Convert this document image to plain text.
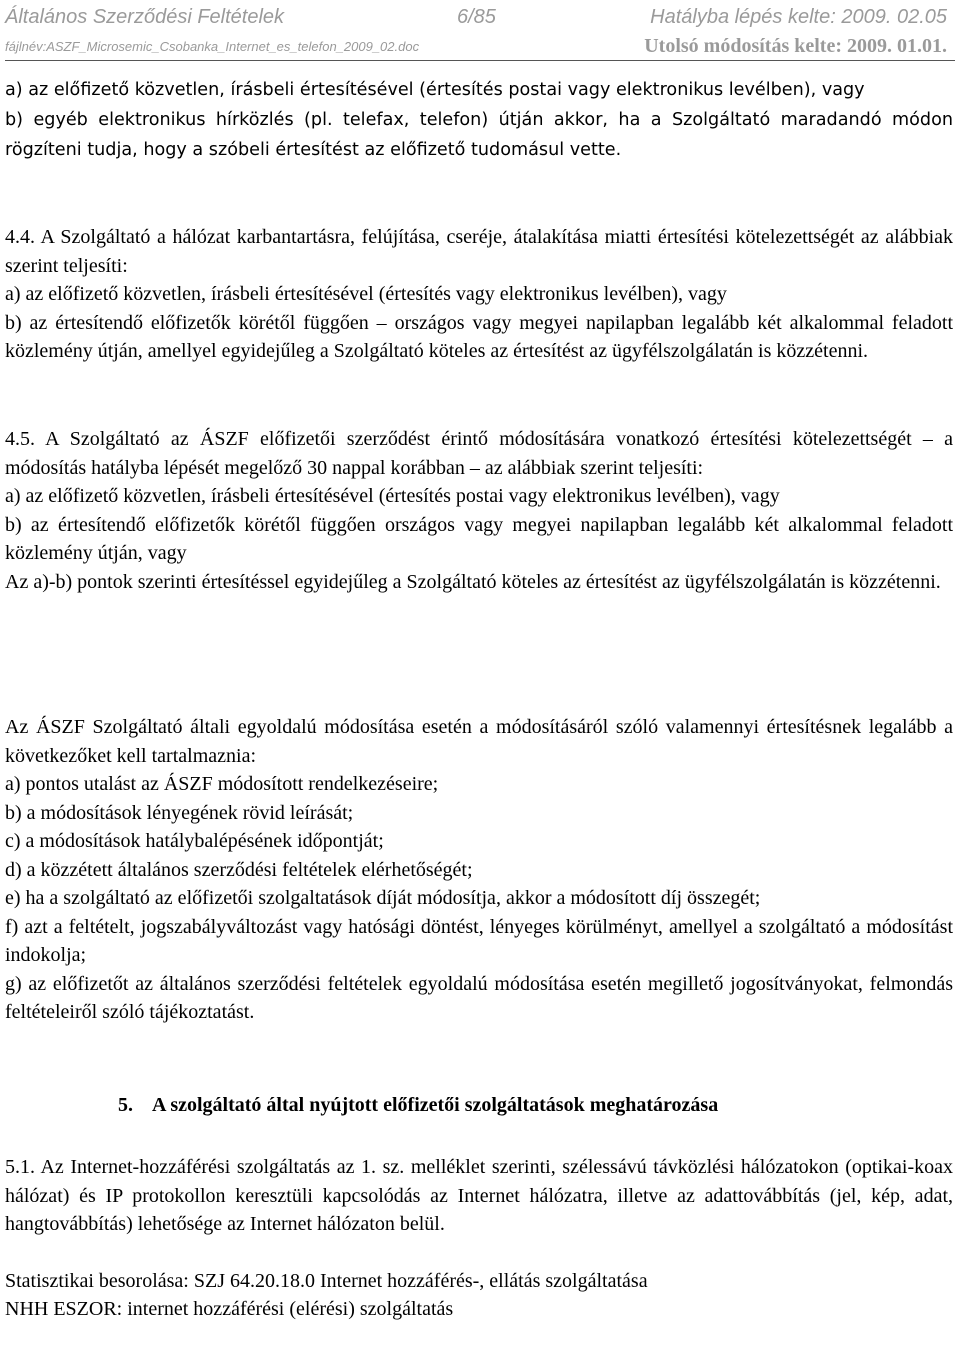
Általános Szerződési Feltételek	6/85	Hatályba lépés kelte: 2009. 02.05
fájlnév:ASZF_Microsemic_Csobanka_Internet_es_telefon_2009_02.doc	Utolsó módosítás kelte: 2009. 01.01.

a) az előfizető közvetlen, írásbeli értesítésével (értesítés postai vagy elektronikus levélben), vagy

b) egyéb elektronikus hírközlés (pl. telefax, telefon) útján akkor, ha a Szolgáltató maradandó módon rögzíteni tudja, hogy a szóbeli értesítést az előfizető tudomásul vette.

4.4. A Szolgáltató a hálózat karbantartásra, felújítása, cseréje, átalakítása miatti értesítési kötelezettségét az alábbiak szerint teljesíti:

a) az előfizető közvetlen, írásbeli értesítésével (értesítés vagy elektronikus levélben), vagy

b) az értesítendő előfizetők körétől függően – országos vagy megyei napilapban legalább két alkalommal feladott közlemény útján, amellyel egyidejűleg a Szolgáltató köteles az értesítést az ügyfélszolgálatán is közzétenni.

4.5. A Szolgáltató az ÁSZF előfizetői szerződést érintő módosítására vonatkozó értesítési kötelezettségét – a módosítás hatályba lépését megelőző 30 nappal korábban – az alábbiak szerint teljesíti:

a) az előfizető közvetlen, írásbeli értesítésével (értesítés postai vagy elektronikus levélben), vagy

b) az értesítendő előfizetők körétől függően országos vagy megyei napilapban legalább két alkalommal feladott közlemény útján, vagy

Az a)-b) pontok szerinti értesítéssel egyidejűleg a Szolgáltató köteles az értesítést az ügyfélszolgálatán is közzétenni.

Az ÁSZF Szolgáltató általi egyoldalú módosítása esetén a módosításáról szóló valamennyi értesítésnek legalább a következőket kell tartalmaznia:

a) pontos utalást az ÁSZF módosított rendelkezéseire;

b) a módosítások lényegének rövid leírását;

c) a módosítások hatálybalépésének időpontját;

d) a közzétett általános szerződési feltételek elérhetőségét;

e) ha a szolgáltató az előfizetői szolgaltatások díját módosítja, akkor a módosított díj összegét;

f) azt a feltételt, jogszabályváltozást vagy hatósági döntést, lényeges körülményt, amellyel a szolgáltató a módosítást indokolja;

g) az előfizetőt az általános szerződési feltételek egyoldalú módosítása esetén megillető jogosítványokat, felmondás feltételeiről szóló tájékoztatást.

5. A szolgáltató által nyújtott előfizetői szolgáltatások meghatározása

5.1. Az Internet-hozzáférési szolgáltatás az 1. sz. melléklet szerinti, szélessávú távközlési hálózatokon (optikai-koax hálózat) és IP protokollon keresztüli kapcsolódás az Internet hálózatra, illetve az adattovábbítás (jel, kép, adat, hangtovábbítás) lehetősége az Internet hálózaton belül.

Statisztikai besorolása: SZJ 64.20.18.0 Internet hozzáférés-, ellátás szolgáltatása

NHH ESZOR: internet hozzáférési (elérési) szolgáltatás
